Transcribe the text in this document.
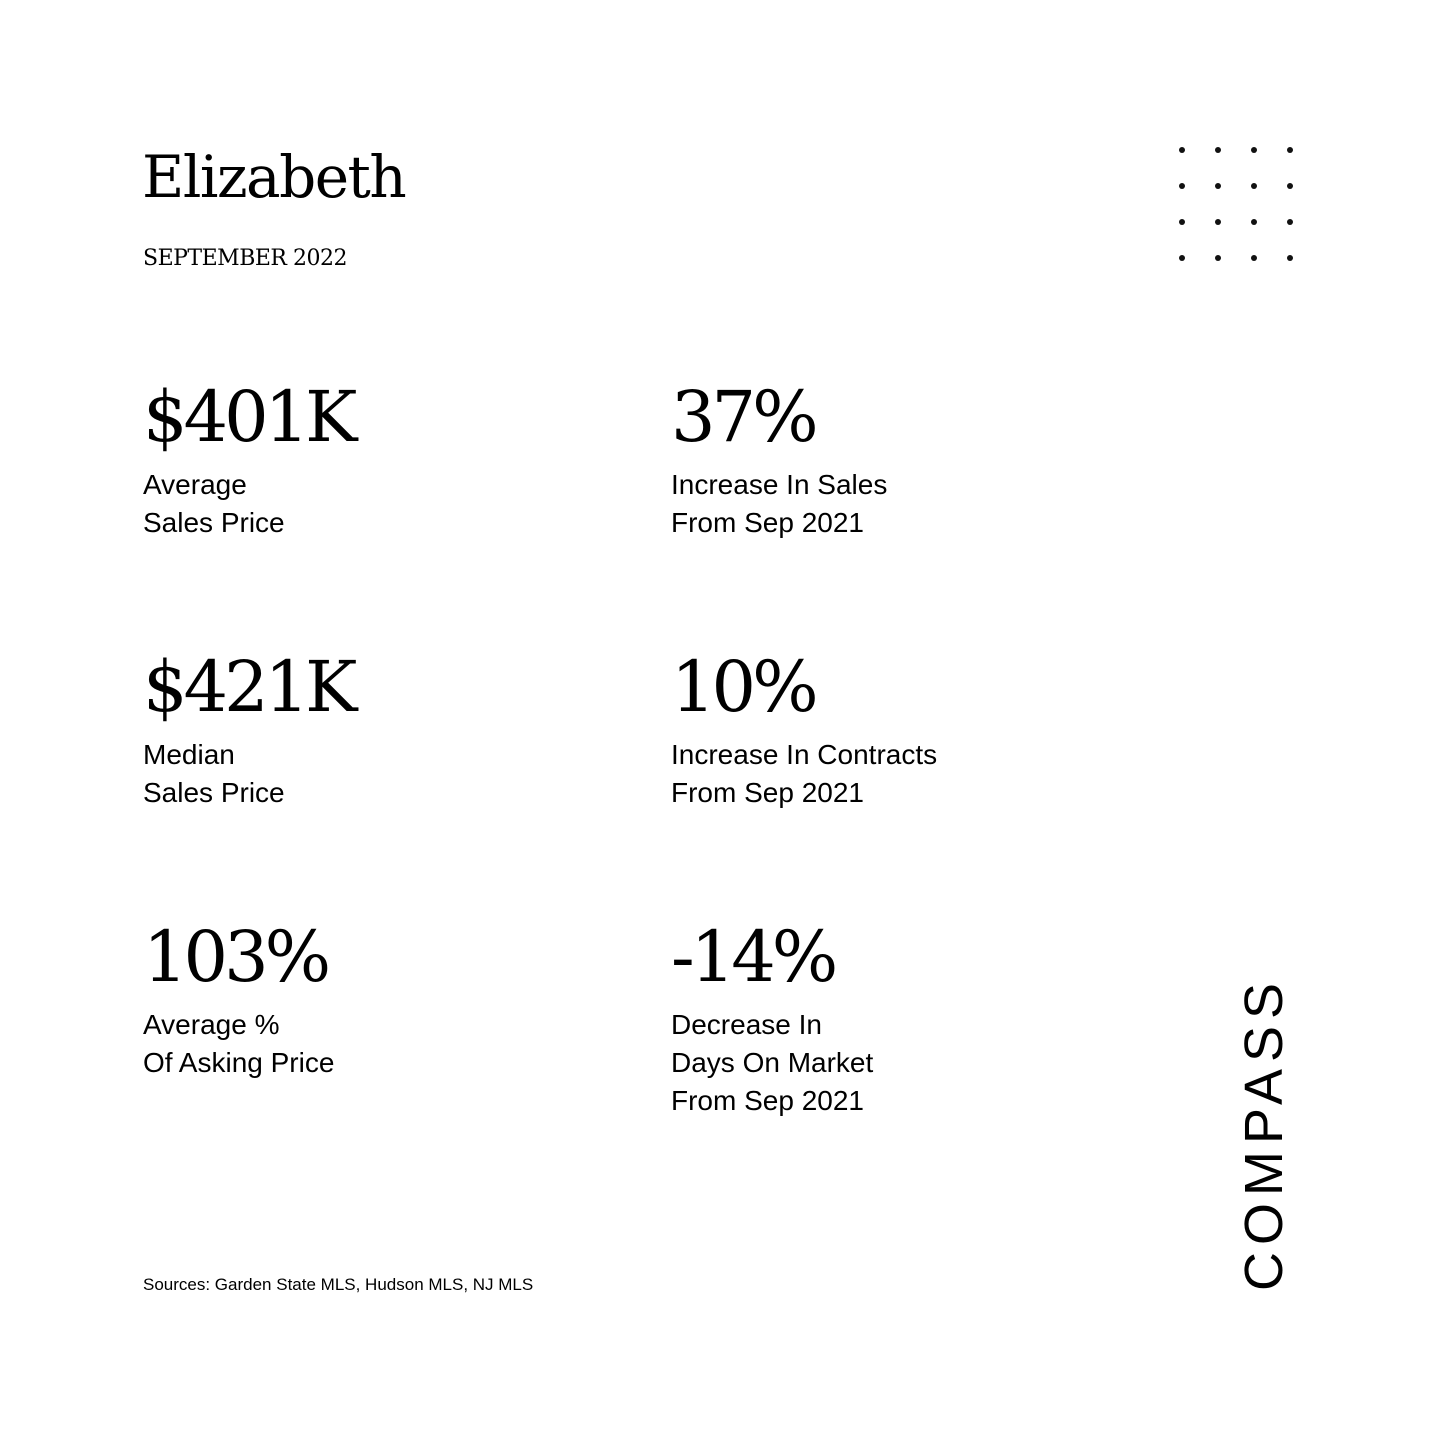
Elizabeth
SEPTEMBER 2022
$401K
Average
Sales Price
37%
Increase In Sales
From Sep 2021
$421K
Median
Sales Price
10%
Increase In Contracts
From Sep 2021
103%
Average %
Of Asking Price
-14%
Decrease In
Days On Market
From Sep 2021
Sources: Garden State MLS, Hudson MLS, NJ MLS	COMPASS
